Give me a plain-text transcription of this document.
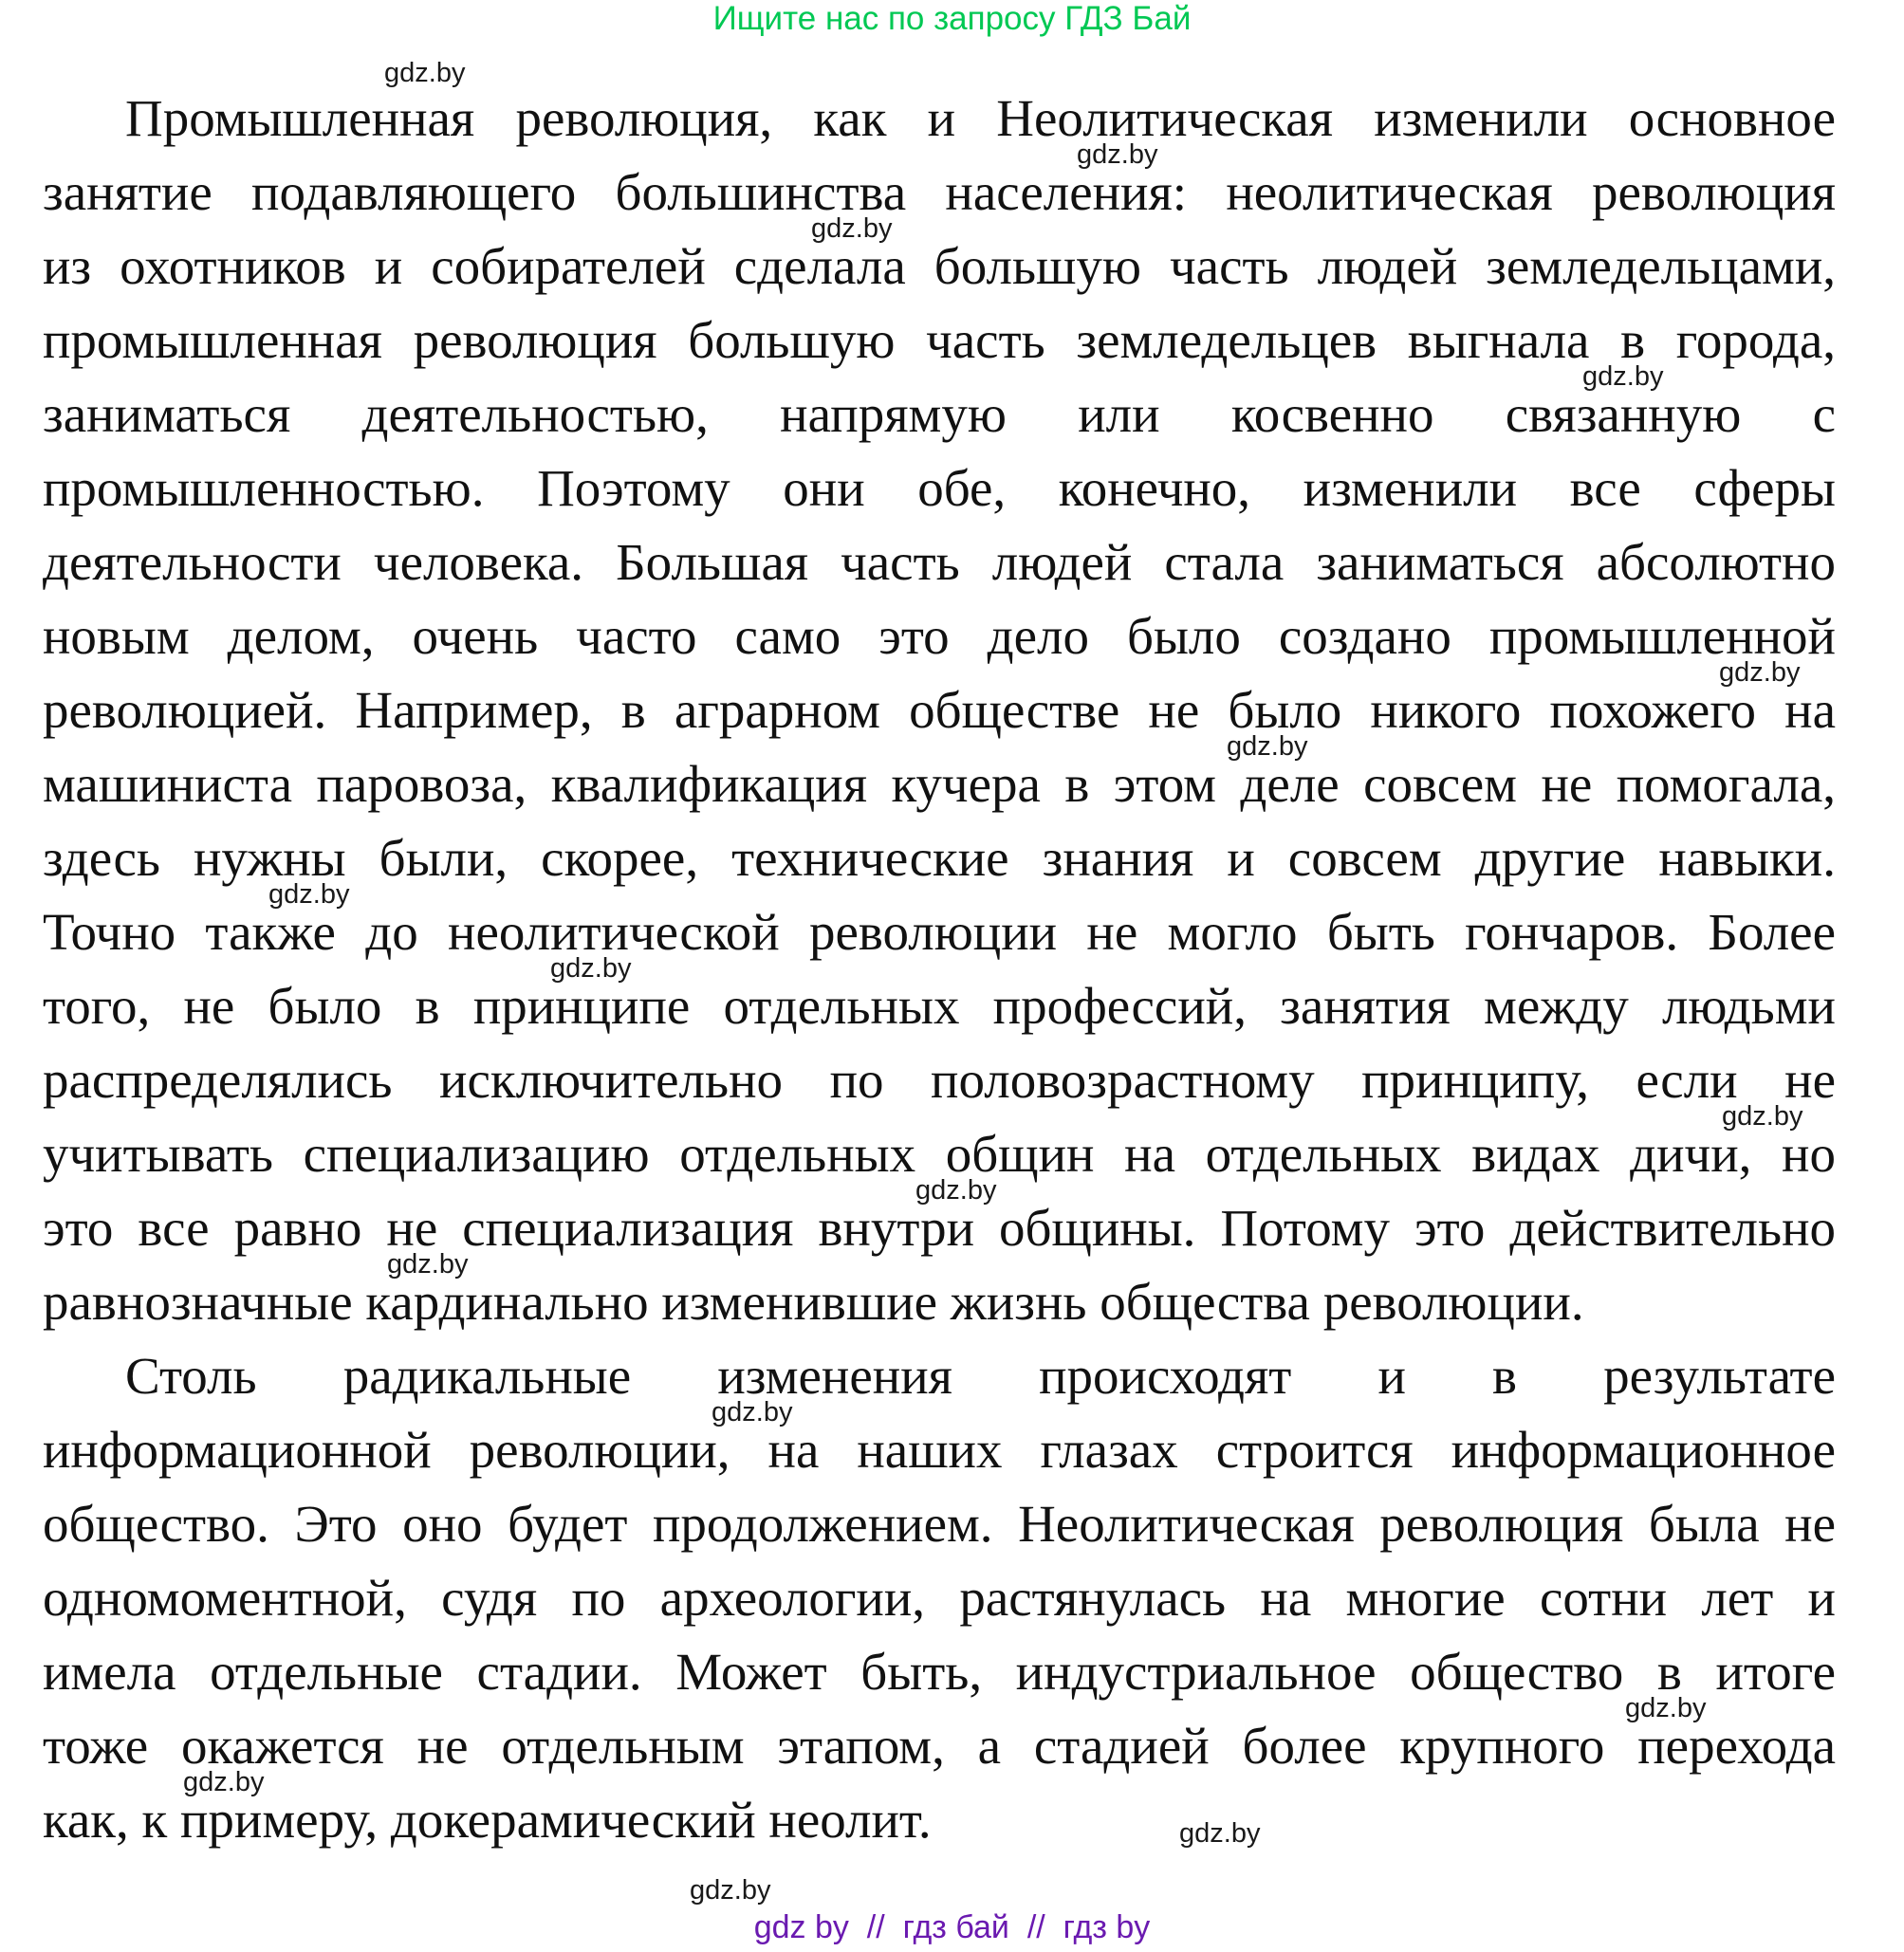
Ищите нас по запросу ГДЗ Бай
Промышленная революция, как и Неолитическая изменили основное
занятие подавляющего большинства населения: неолитическая революция
из охотников и собирателей сделала большую часть людей земледельцами,
промышленная революция большую часть земледельцев выгнала в города,
заниматься деятельностью, напрямую или косвенно связанную с
промышленностью. Поэтому они обе, конечно, изменили все сферы
деятельности человека. Большая часть людей стала заниматься абсолютно
новым делом, очень часто само это дело было создано промышленной
революцией. Например, в аграрном обществе не было никого похожего на
машиниста паровоза, квалификация кучера в этом деле совсем не помогала,
здесь нужны были, скорее, технические знания и совсем другие навыки.
Точно также до неолитической революции не могло быть гончаров. Более
того, не было в принципе отдельных профессий, занятия между людьми
распределялись исключительно по половозрастному принципу, если не
учитывать специализацию отдельных общин на отдельных видах дичи, но
это все равно не специализация внутри общины. Потому это действительно
равнозначные кардинально изменившие жизнь общества революции.
Столь радикальные изменения происходят и в результате
информационной революции, на наших глазах строится информационное
общество. Это оно будет продолжением. Неолитическая революция была не
одномоментной, судя по археологии, растянулась на многие сотни лет и
имела отдельные стадии. Может быть, индустриальное общество в итоге
тоже окажется не отдельным этапом, а стадией более крупного перехода
как, к примеру, докерамический неолит.
gdz.by
gdz.by
gdz.by
gdz.by
gdz.by
gdz.by
gdz.by
gdz.by
gdz.by
gdz.by
gdz.by
gdz.by
gdz.by
gdz.by
gdz.by
gdz.by
gdz by  //  гдз бай  //  гдз by
